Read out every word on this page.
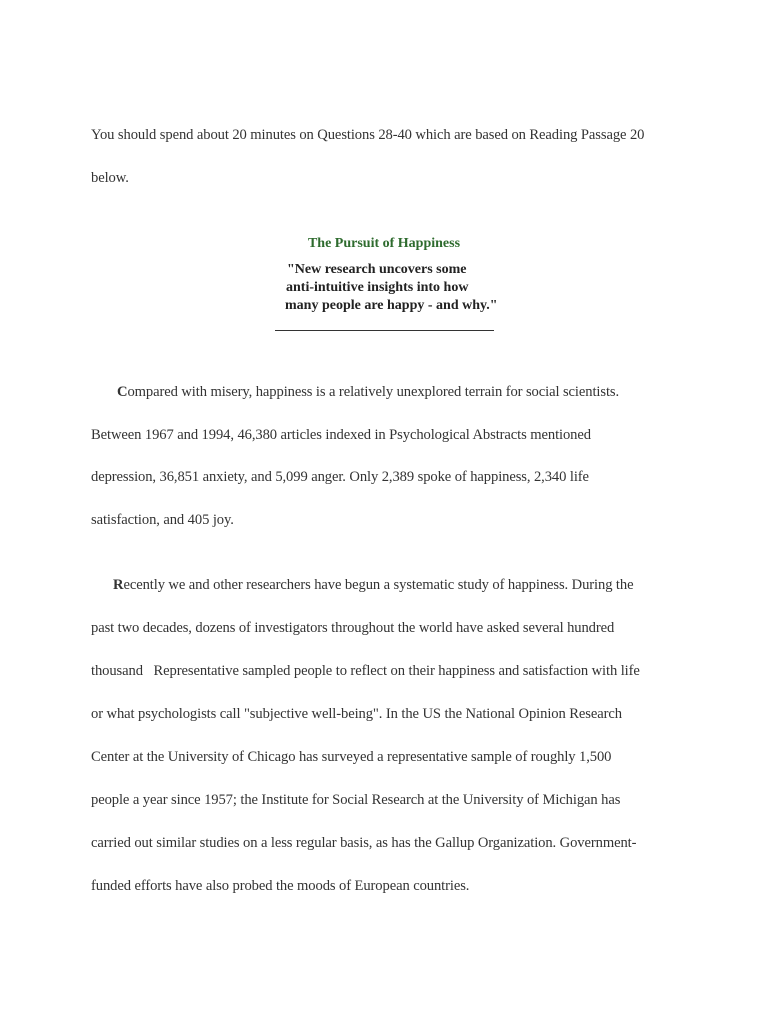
You should spend about 20 minutes on Questions 28-40 which are based on Reading Passage 20
below.
The Pursuit of Happiness
"New research uncovers some
anti-intuitive insights into how
many people are happy - and why."
Compared with misery, happiness is a relatively unexplored terrain for social scientists.
Between 1967 and 1994, 46,380 articles indexed in Psychological Abstracts mentioned
depression, 36,851 anxiety, and 5,099 anger. Only 2,389 spoke of happiness, 2,340 life
satisfaction, and 405 joy.
Recently we and other researchers have begun a systematic study of happiness. During the
past two decades, dozens of investigators throughout the world have asked several hundred
thousand   Representative sampled people to reflect on their happiness and satisfaction with life
or what psychologists call "subjective well-being". In the US the National Opinion Research
Center at the University of Chicago has surveyed a representative sample of roughly 1,500
people a year since 1957; the Institute for Social Research at the University of Michigan has
carried out similar studies on a less regular basis, as has the Gallup Organization. Government-
funded efforts have also probed the moods of European countries.
